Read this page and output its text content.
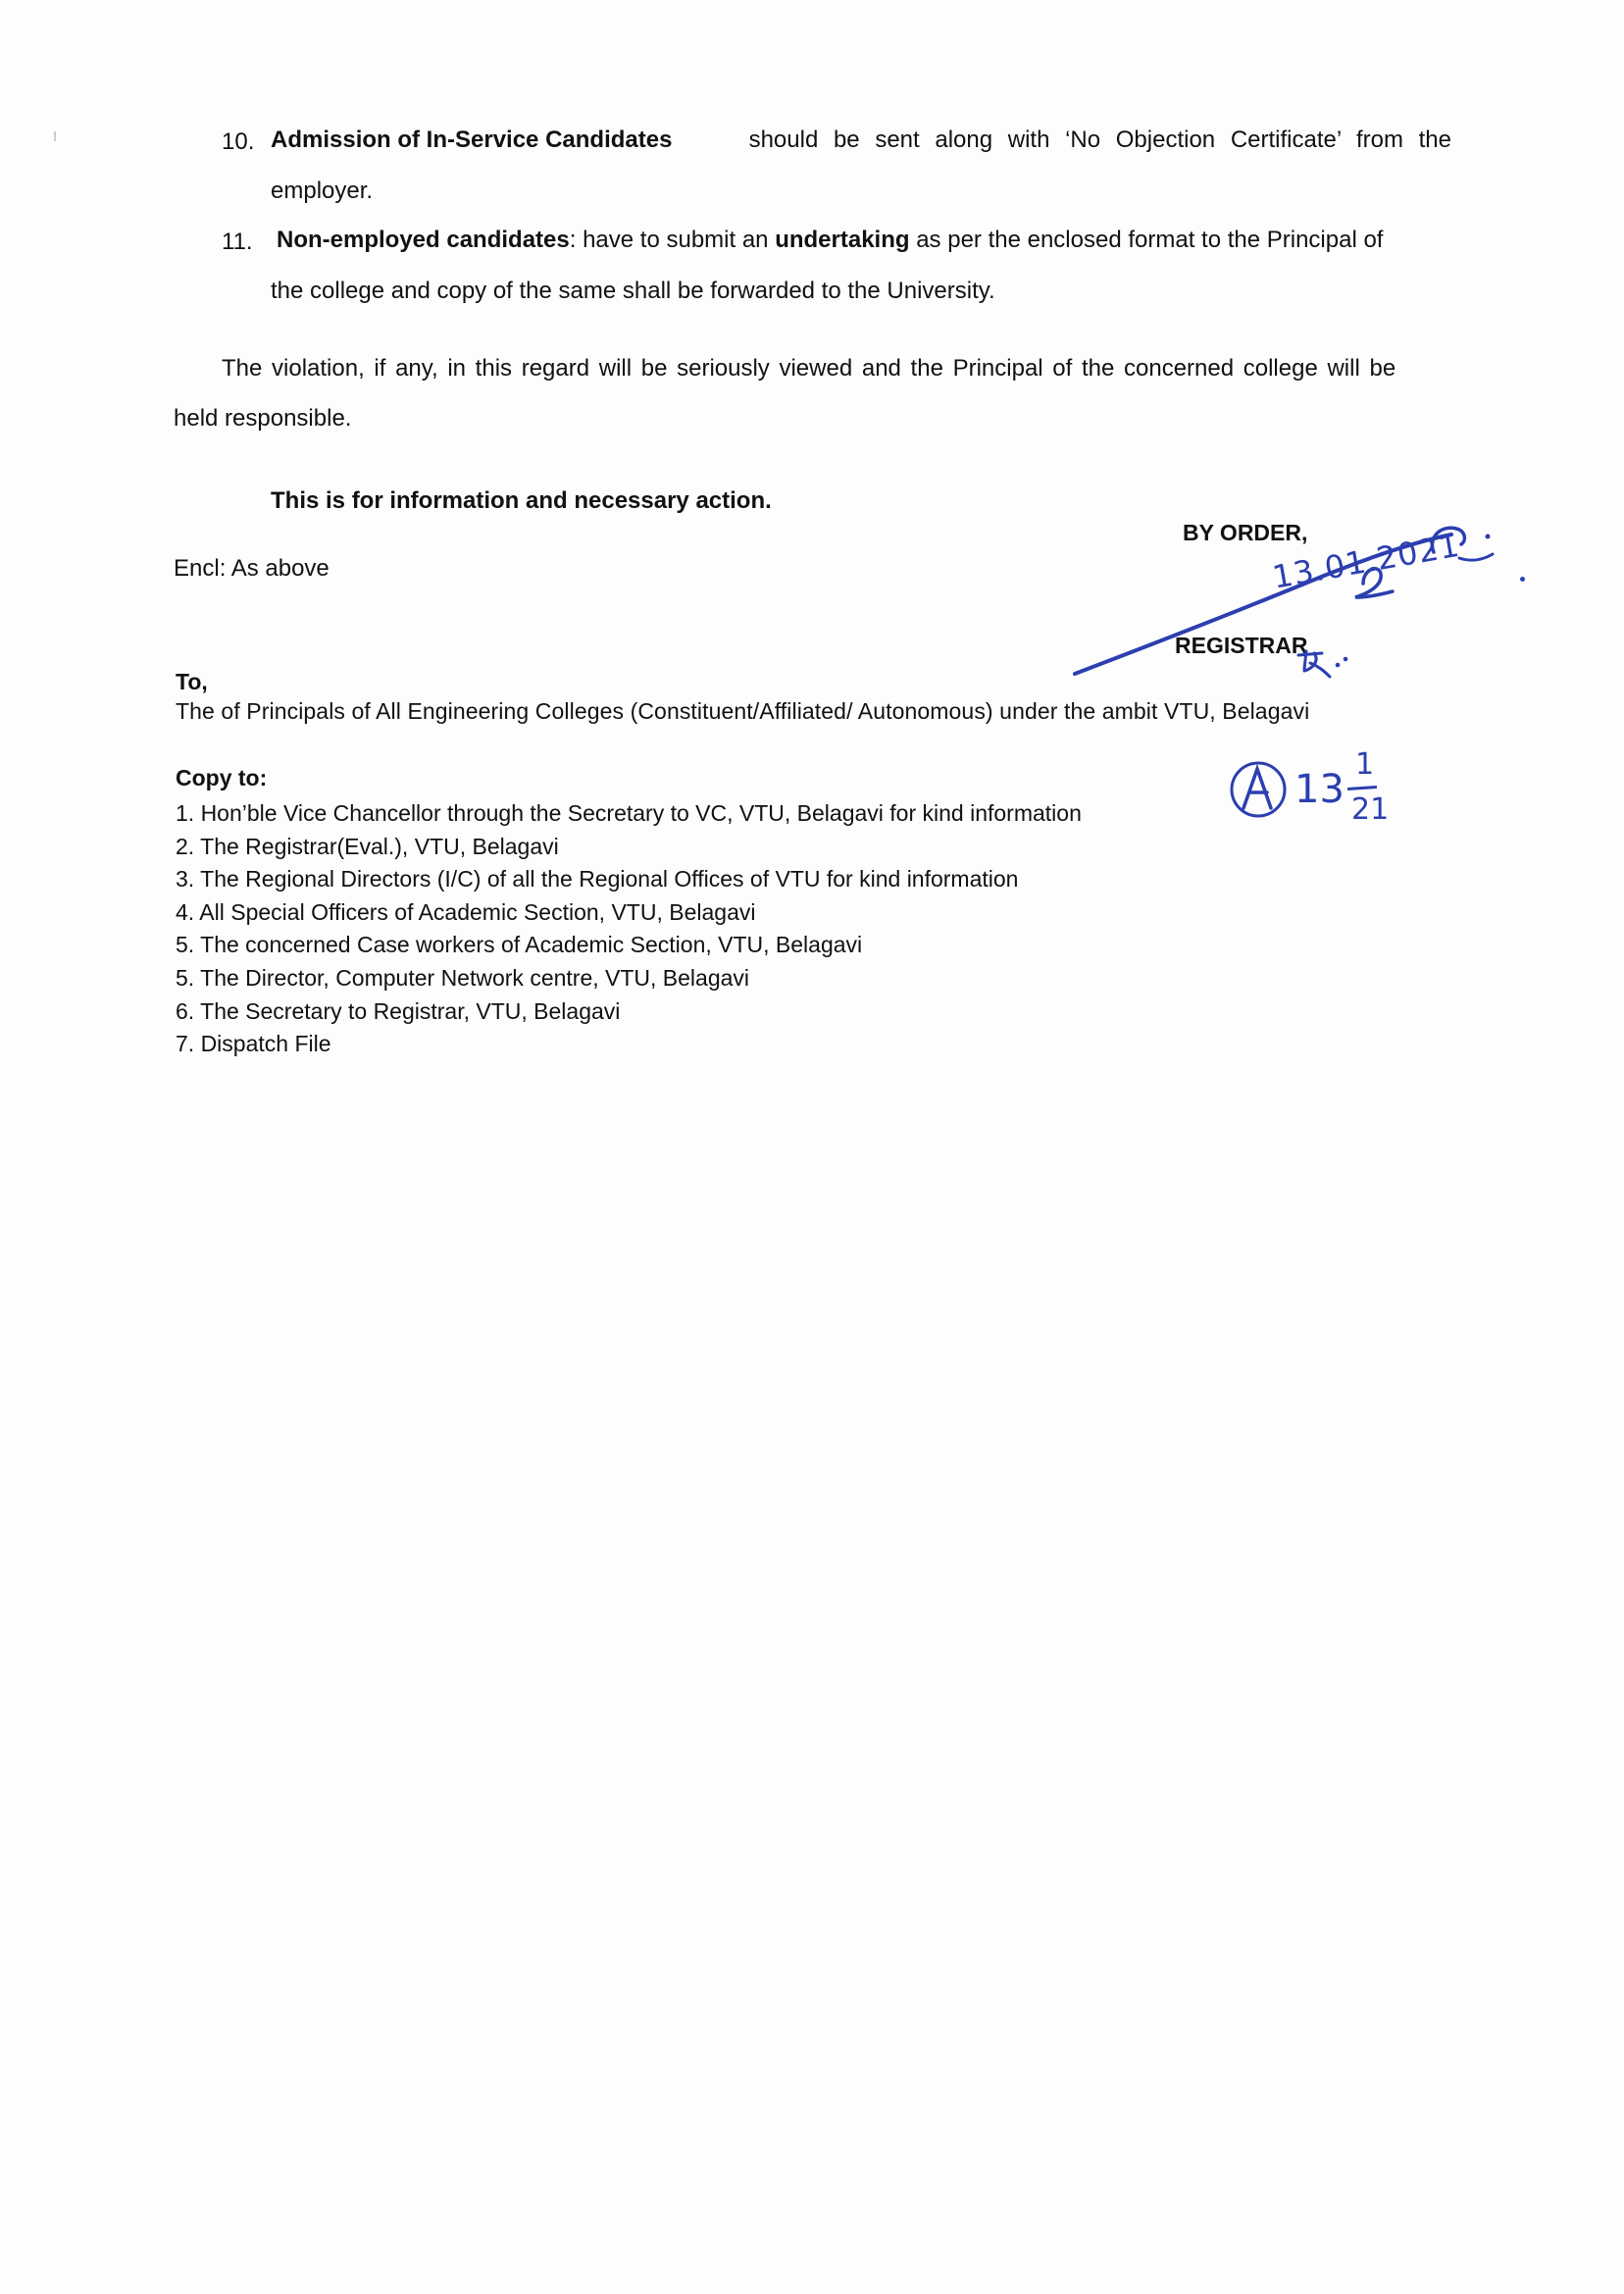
10. Admission of In-Service Candidates	should be sent along with ‘No Objection Certificate’ from the
employer.
11. Non-employed candidates: have to submit an undertaking as per the enclosed format to the Principal of
the college and copy of the same shall be forwarded to the University.
The violation, if any, in this regard will be seriously viewed and the Principal of the concerned college will be
held responsible.
This is for information and necessary action.
BY ORDER,
Encl: As above	13.01.2021
REGISTRAR
To,
The of Principals of All Engineering Colleges (Constituent/Affiliated/ Autonomous) under the ambit VTU, Belagavi
Copy to:
1. Hon’ble Vice Chancellor through the Secretary to VC, VTU, Belagavi for kind information
2. The Registrar(Eval.), VTU, Belagavi
3. The Regional Directors (I/C) of all the Regional Offices of VTU for kind information
4. All Special Officers of Academic Section, VTU, Belagavi
5. The concerned Case workers of Academic Section, VTU, Belagavi
5. The Director, Computer Network centre, VTU, Belagavi
6. The Secretary to Registrar, VTU, Belagavi
7. Dispatch File
13
1
21
